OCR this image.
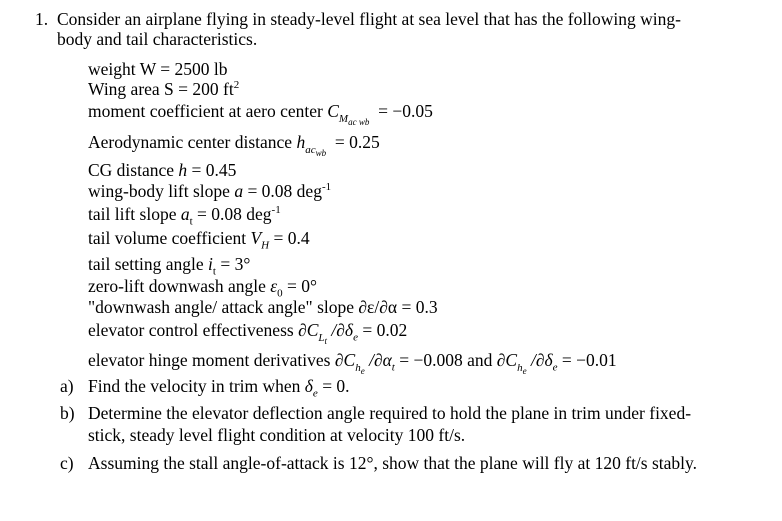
1. Consider an airplane flying in steady-level flight at sea level that has the following wing-
body and tail characteristics.
weight W = 2500 lb
Wing area S = 200 $ft^2$
moment coefficient at aero center $C_{M_{ac wb}} = -0.05$
Aerodynamic center distance $h_{ac_{wb}} = 0.25$
CG distance h = 0.45
wing-body lift slope a = 0.08 deg$^{-1}$
tail lift slope $a_t = 0.08$ deg$^{-1}$
tail volume coefficient $V_H = 0.4$
tail setting angle $i_t = 3^\circ$
zero-lift downwash angle $\varepsilon_0 = 0^\circ$
"downwash angle/ attack angle" slope ∂ε/∂α = 0.3
elevator control effectiveness $\partial C_{L_t}$ $/\partial\delta_e = 0.02$
elevator hinge moment derivatives $\partial C_{h_e}$ $/\partial\alpha_t = -0.008$ and $\partial C_{h_e}$ $/\partial\delta_e = -0.01$
a) Find the velocity in trim when $\delta_e = 0$.
b) Determine the elevator deflection angle required to hold the plane in trim under fixed-
stick, steady level flight condition at velocity 100 ft/s.
c) Assuming the stall angle-of-attack is 12°, show that the plane will fly at 120 ft/s stably.
